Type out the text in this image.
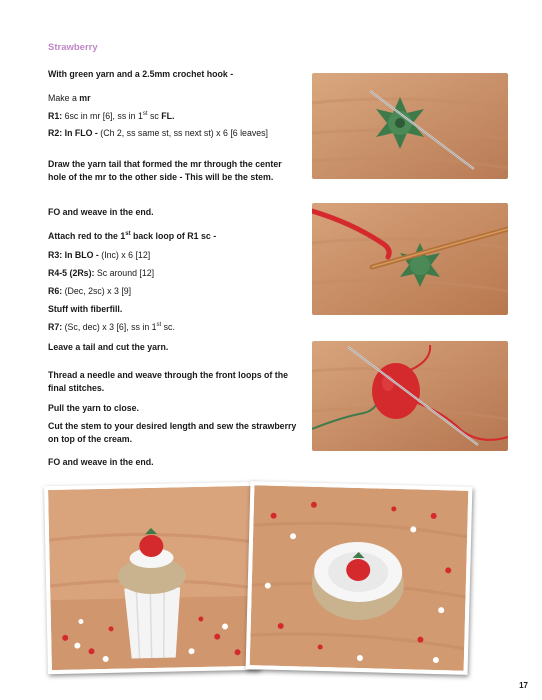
Strawberry
With green yarn and a 2.5mm crochet hook -
Make a mr
R1: 6sc in mr [6], ss in 1st sc FL.
R2: In FLO - (Ch 2, ss same st, ss next st) x 6 [6 leaves]
Draw the yarn tail that formed the mr through the center hole of the mr to the other side - This will be the stem.
FO and weave in the end.
Attach red to the 1st back loop of R1 sc -
R3: In BLO - (Inc) x 6 [12]
R4-5 (2Rs): Sc around [12]
R6: (Dec, 2sc) x 3 [9]
Stuff with fiberfill.
R7: (Sc, dec) x 3 [6], ss in 1st sc.
Leave a tail and cut the yarn.
Thread a needle and weave through the front loops of the final stitches.
Pull the yarn to close.
Cut the stem to your desired length and sew the strawberry on top of the cream.
FO and weave in the end.
17
